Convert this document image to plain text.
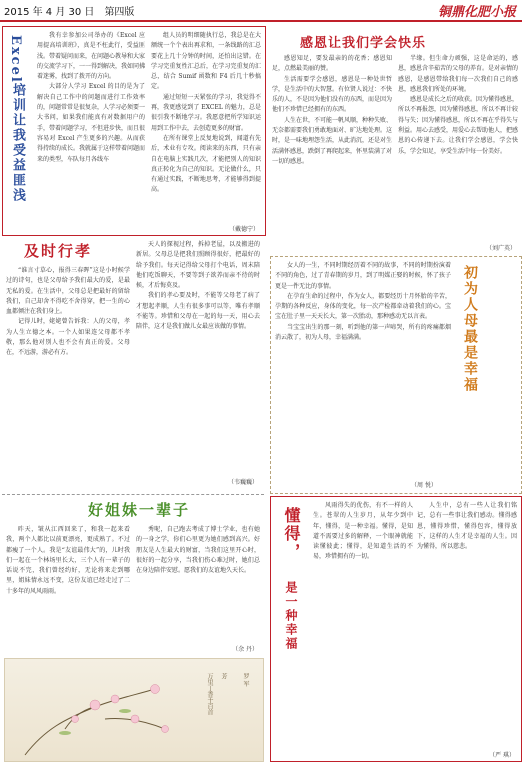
2015 年 4 月 30 日　 第四版	铜鼎化肥小报
Excel
培训让我受益匪浅

我有幸参加公司举办的《Excel 应用提高培训班》，真是不枉此行，受益匪浅。带着疑问而来，在问题心教导和大家的交流学习下，一一得到解决，我如同拂着迷雾，找到了拨开的方向。

大部分人学习 Excel 的目的是为了解决自己工作中的问题而进行工作效率的，问题常常是很复杂，人学习必须要一大书问，如果我们能真有对数据用户的手，带着问题学习，不但进步快，而且很容易对 Excel 产生更多的兴趣。从而获得持续的成长。我就属于这样带着问题而来的类型，车队每月各线车

组人员的明细随执行总，我总是在大额统一个个表出再求和，一条线路的汇总要花上几十分钟的时间，还怕出这错。在学习完重复性汇总后，在学习完重复的汇总，结合 Sumif 函数和 F4 后几十秒搞定。

通过短短一天紧张的学习，我觉得不再，我更感觉到了 EXCEL 的魅力，总是很引我不断地学习。我愿意把所学知识运用到工作中去，去创造更多的财富。

在所有课堂上反复地说到，闻道有先后，术业有专攻。阅读来的东西，只有亲自在电脑上实践几次，才能把别人的知识真正转化为自己的知识。无论做什么，只有通过实践，不断地思考，才能够得到提高。

（戴德宁）
感恩让我们学会快乐

感恩知足，要发最亲的的花香；感恩知足，点燃最美丽的赞。

生活需要学会感恩，感恩是一种处世哲学，是生活中的大智慧。有位贤人说过：不快乐的人，不是因为他们没有的东西，而是因为他们不珍惜已经拥有的东西。

人生在世，不可能一帆风顺，种种失败、无奈都需要我们勇敢地面对、旷达地处理。这时，是一味地埋怨生活，从此消沉，还是对生活满怀感恩，跌倒了再爬起来，怀里装满了对一切的感恩。

半缘。但生命力顽强，这是命运的，感恩，感恩含辛茹苦的父母的养育。是对亲情的感恩，是感恩带给我们每一次我们自己的感恩，感恩我们所处的环境。

感恩是成长之后的收获。因为懂得感恩，所以不再报怨，因为懂得感恩，所以不再计较得与失；因为懂得感恩，所以不再在乎得失与利益。用心去感受，用爱心去帮助他人，把感恩的心传递下去。让我们学会感恩，学会快乐，学会知足，享受生活中每一份美好。

（刘广英）
及时行孝

“谁言寸草心，报得三春晖”这是小时候学过的诗句，也是父母给予我们最大的爱，是最无私的爱。在生活中，父母总是把最好的留给我们，自己却舍不得吃不舍得穿，把一生的心血都倾注在我们身上。

记得儿时，姥姥曾告诉我：人的父母，孝为人生立德之本。一个人如果连父母都不孝敬，那么他对别人也不会有真正的爱。父母在，不远游，游必有方。

天人的探视过程，拆掉老屋，以及搬进的新居。父母总是把我们照顾得很好，把最好的给予我们。每天记得给父母打个电话，周末陪他们吃饭聊天，不要等到子欲养而亲不待的时候，才后悔莫及。

我们的孝心要及时，不能等父母老了病了才想起孝顺，人生有很多事可以等，唯有孝顺不能等。珍惜和父母在一起的每一天，用心去陪伴，这才是我们做儿女最应该做的事情。

（韦巍巍）
好姐妹一辈子

昨天，皱从江西回来了，和我一起来看我，两个人都比以前更漂亮，更成熟了。不过都瘦了一个人。我是“友谊最伟大”的，儿时我们一起在一个林场里长大，三个人有一辈子的话说不完，我们曾经约好，无论将来走到哪里，姐妹情永远不变，这份友谊已经走过了二十多年的风风雨雨。

秀呢，自己跑去考成了博士学业，也有她的一身之学，你们心里更为她们感到高兴。好朋友是人生最大的财富，当我们这里开心时，很好的一起分享，当我们伤心难过时，她们总在身边陪伴安慰。愿我们的友谊地久天长。

（余 丹）
万里丁香千百首 芳	罗 军

女人的一生，不同时期经历着不同的故事，不同的时期扮演着不同的角色，过了青春期的岁月，到了明媒正娶的时候，怀了孩子更是一件无比的事情。

在孕育生命的过程中，作为女人，都要经历十月怀胎的辛苦，孕期的各种反应，身体的变化，每一次产检都牵动着我们的心。宝宝在肚子里一天天长大，第一次胎动，那种感动无以言表。

当宝宝出生的那一刻，听到他的第一声啼哭，所有的疼痛都烟消云散了，初为人母，幸福满满。	初为人母最是幸福
（周 悦）
懂得，
是一种幸福

风雨得失的优伤，有不一样的人生。苍翠的人生岁月，从年少到中年，懂得，是一种幸福。懂得，是知道不需要过多的解释，一个眼神就能读懂彼此；懂得，是知道生活的不易，珍惜拥有的一切。

人生中，总有一些人让我们铭记，总有一些事让我们感动。懂得感恩，懂得珍惜，懂得包容，懂得放下，这样的人生才是幸福的人生。因为懂得，所以慈悲。

（严 琪）
